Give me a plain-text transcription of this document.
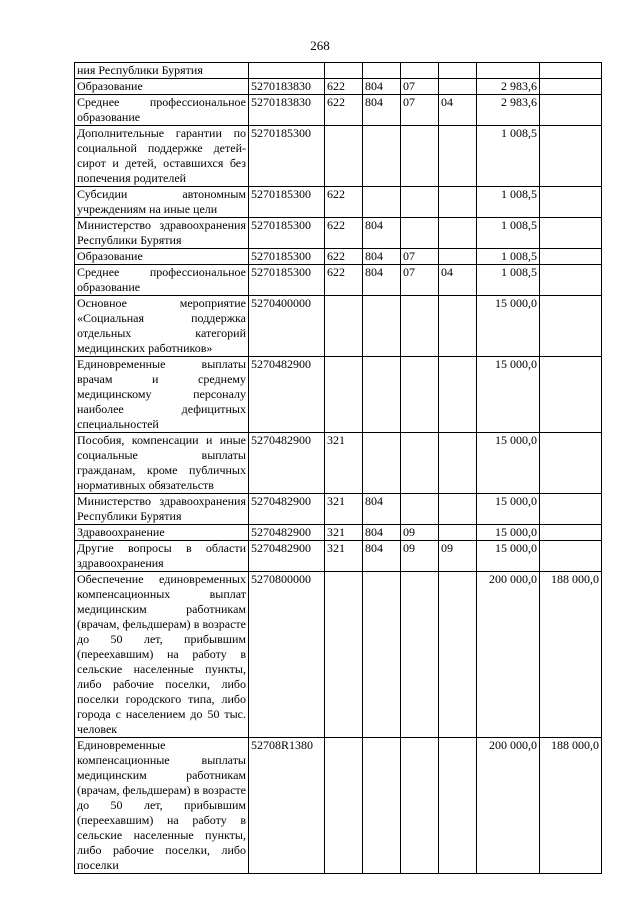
268
ния Республики Бурятия							
Образование	5270183830	622	804	07		2 983,6	
Среднее профессиональное образование	5270183830	622	804	07	04	2 983,6	
Дополнительные гарантии по социальной поддержке детей-сирот и детей, оставшихся без попечения родителей	5270185300					1 008,5	
Субсидии автономным учреждениям на иные цели	5270185300	622				1 008,5	
Министерство здравоохранения Республики Бурятия	5270185300	622	804			1 008,5	
Образование	5270185300	622	804	07		1 008,5	
Среднее профессиональное образование	5270185300	622	804	07	04	1 008,5	
Основное мероприятие «Социальная поддержка отдельных категорий медицинских работников»	5270400000					15 000,0	
Единовременные выплаты врачам и среднему медицинскому персоналу наиболее дефицитных специальностей	5270482900					15 000,0	
Пособия, компенсации и иные социальные выплаты гражданам, кроме публичных нормативных обязательств	5270482900	321				15 000,0	
Министерство здравоохранения Республики Бурятия	5270482900	321	804			15 000,0	
Здравоохранение	5270482900	321	804	09		15 000,0	
Другие вопросы в области здравоохранения	5270482900	321	804	09	09	15 000,0	
Обеспечение единовременных компенсационных выплат медицинским работникам (врачам, фельдшерам) в возрасте до 50 лет, прибывшим (переехавшим) на работу в сельские населенные пункты, либо рабочие поселки, либо поселки городского типа, либо города с населением до 50 тыс. человек	5270800000					200 000,0	188 000,0
Единовременные компенсационные выплаты медицинским работникам (врачам, фельдшерам) в возрасте до 50 лет, прибывшим (переехавшим) на работу в сельские населенные пункты, либо рабочие поселки, либо поселки	52708R1380					200 000,0	188 000,0
